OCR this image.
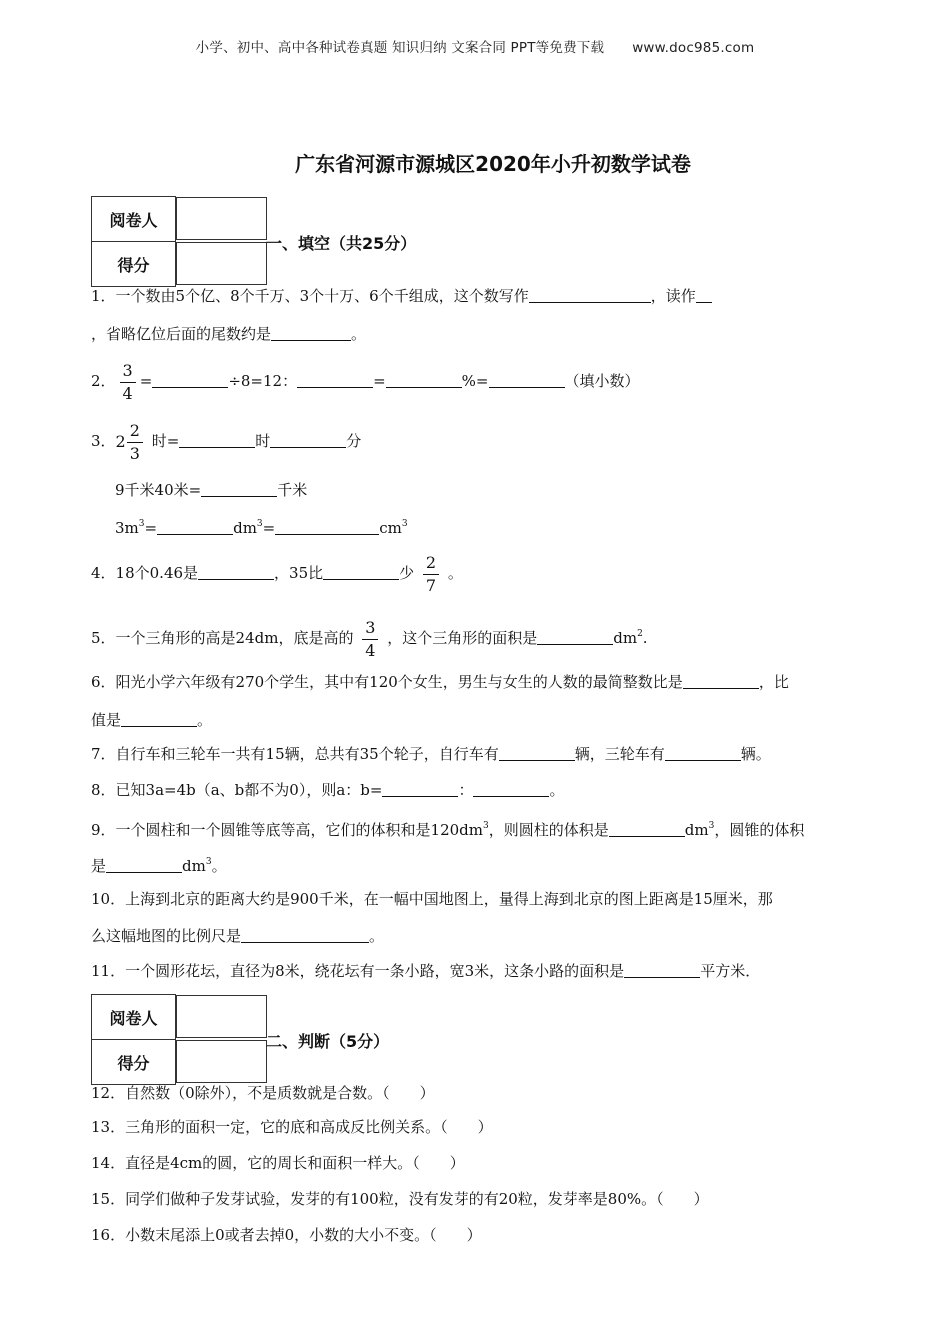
小学、初中、高中各种试卷真题 知识归纳 文案合同 PPT等免费下载 www.doc985.com
广东省河源市源城区2020年小升初数学试卷
阅卷人	
得分	
一、填空（共25分）
1．一个数由5个亿、8个千万、3个十万、6个千组成，这个数写作	，读作
，省略亿位后面的尾数约是	。
2． $\frac{3}{4}$ =	÷8=12：	=	%=	（填小数）
3．$2 \frac{2}{3}$ 时=	时	分
9千米40米=	千米
$3m^3=$	$dm^3=$	$cm^3$
4．18个0.46是	，35比	少 $\frac{2}{7}$ 。
5．一个三角形的高是24dm，底是高的 $\frac{3}{4}$ ，这个三角形的面积是	$dm^2$.
6．阳光小学六年级有270个学生，其中有120个女生，男生与女生的人数的最简整数比是	，比
值是	。
7．自行车和三轮车一共有15辆，总共有35个轮子，自行车有	辆，三轮车有	辆。
8．已知3a=4b（a、b都不为0），则a：b=	：	。
9．一个圆柱和一个圆锥等底等高，它们的体积和是$120dm^3$，则圆柱的体积是	$dm^3$，圆锥的体积
是	$dm^3$。
10．上海到北京的距离大约是900千米，在一幅中国地图上，量得上海到北京的图上距离是15厘米，那
么这幅地图的比例尺是	。
11．一个圆形花坛，直径为8米，绕花坛有一条小路，宽3米，这条小路的面积是	平方米．
阅卷人	
得分	
二、判断（5分）
12．自然数（0除外），不是质数就是合数。（　　）
13．三角形的面积一定，它的底和高成反比例关系。（　　）
14．直径是4cm的圆，它的周长和面积一样大。（　　）
15．同学们做种子发芽试验，发芽的有100粒，没有发芽的有20粒，发芽率是80%。（　　）
16．小数末尾添上0或者去掉0，小数的大小不变。（　　）
